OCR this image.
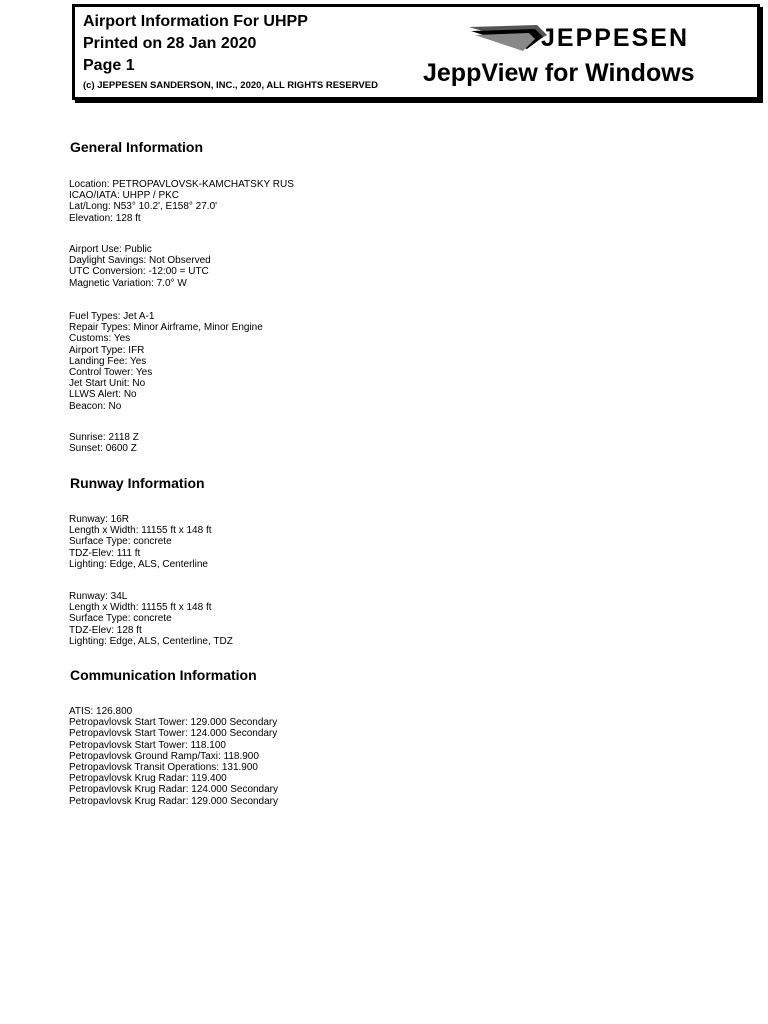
Airport Information For UHPP
Printed on 28 Jan 2020
Page 1
(c) JEPPESEN SANDERSON, INC., 2020, ALL RIGHTS RESERVED
JEPPESEN
JeppView for Windows
General Information
Location: PETROPAVLOVSK-KAMCHATSKY RUS
ICAO/IATA: UHPP / PKC
Lat/Long: N53° 10.2', E158° 27.0'
Elevation: 128 ft
Airport Use: Public
Daylight Savings: Not Observed
UTC Conversion: -12:00 = UTC
Magnetic Variation: 7.0° W
Fuel Types: Jet A-1
Repair Types: Minor Airframe, Minor Engine
Customs: Yes
Airport Type: IFR
Landing Fee: Yes
Control Tower: Yes
Jet Start Unit: No
LLWS Alert: No
Beacon: No
Sunrise: 2118 Z
Sunset: 0600 Z
Runway Information
Runway: 16R
Length x Width: 11155 ft x 148 ft
Surface Type: concrete
TDZ-Elev: 111 ft
Lighting: Edge, ALS, Centerline
Runway: 34L
Length x Width: 11155 ft x 148 ft
Surface Type: concrete
TDZ-Elev: 128 ft
Lighting: Edge, ALS, Centerline, TDZ
Communication Information
ATIS: 126.800
Petropavlovsk Start Tower: 129.000 Secondary
Petropavlovsk Start Tower: 124.000 Secondary
Petropavlovsk Start Tower: 118.100
Petropavlovsk Ground Ramp/Taxi: 118.900
Petropavlovsk Transit Operations: 131.900
Petropavlovsk Krug Radar: 119.400
Petropavlovsk Krug Radar: 124.000 Secondary
Petropavlovsk Krug Radar: 129.000 Secondary
